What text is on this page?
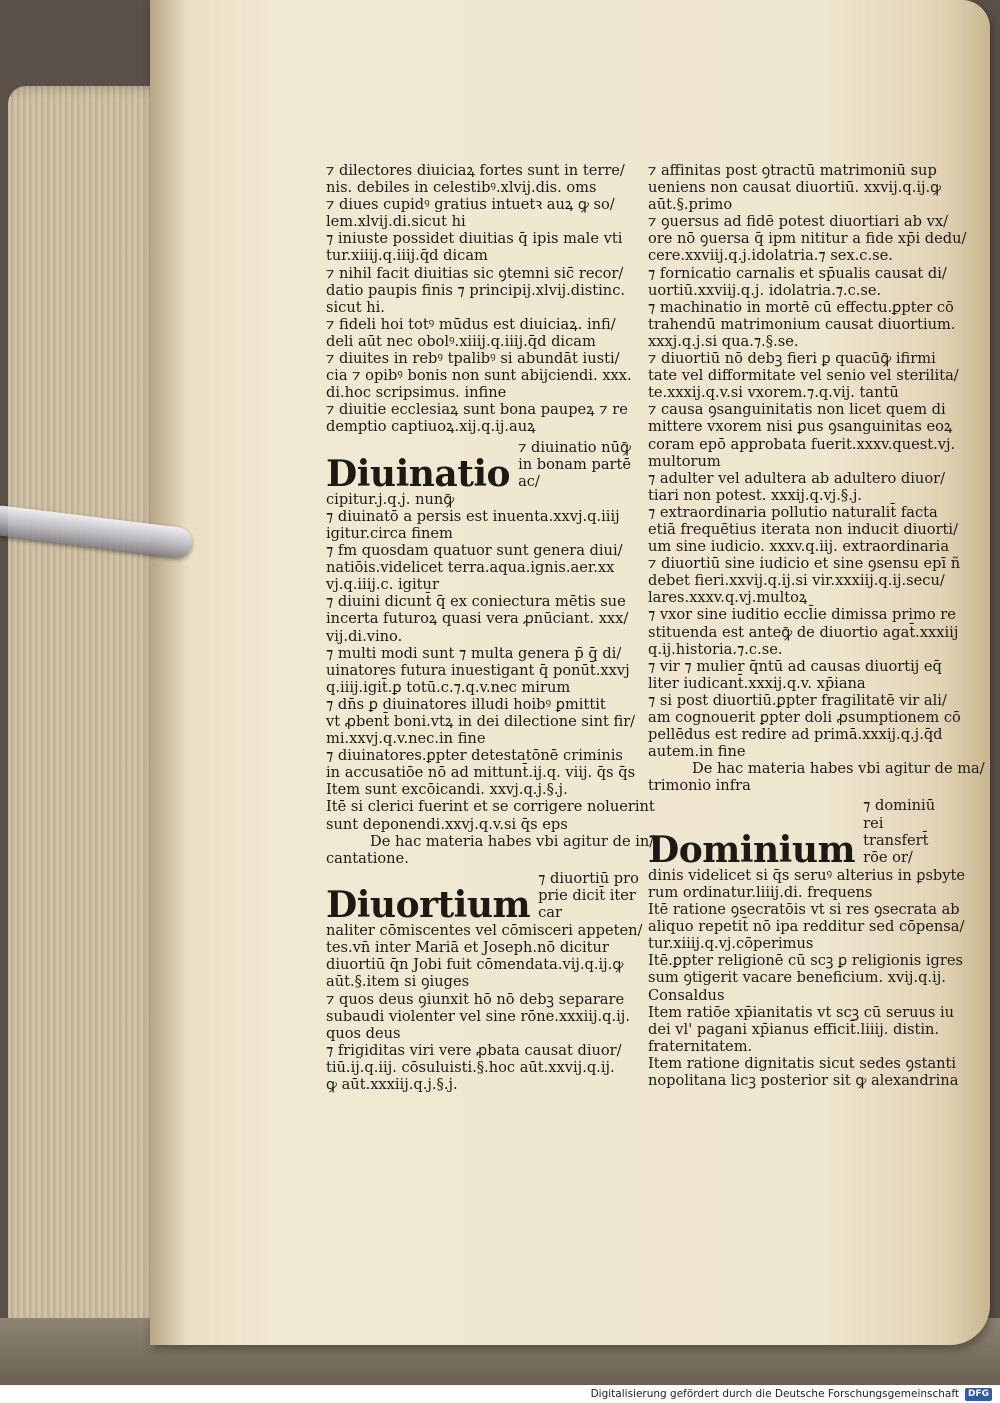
⁊ dilectores diuiciaꝝ fortes sunt in terre/
nis. debiles in celestibꝰ.xlvij.dis. oms
⁊ diues cupidꝰ gratius intuetꝛ auꝝ ꝙ so/
lem.xlvij.di.sicut hi
⁊ iniuste possidet diuitias q̄ ipis male vti
tur.xiiij.q.iiij.q̄d dicam
⁊ nihil facit diuitias sic ꝯtemni sic̄ recor/
datio paupis finis ⁊ principij.xlvij.distinc.
sicut hi.
⁊ fideli hoi totꝰ mūdus est diuiciaꝝ. infi/
deli aūt nec obolꝰ.xiiij.q.iiij.q̄d dicam
⁊ diuites in rebꝰ tpalibꝰ si abundāt iusti/
cia ⁊ opibꝰ bonis non sunt abijciendi. xxx.
di.hoc scripsimus. infine
⁊ diuitie ecclesiaꝝ sunt bona paupeꝝ ⁊ re
demptio captiuoꝝ.xij.q.ij.auꝝ
Diuinatio
⁊ diuinatio nūꝙ̄
in bonam partē ac/
cipitur.j.q.j. nunꝙ̄
⁊ diuinatō a persis est inuenta.xxvj.q.iiij
igitur.circa finem
⁊ fm quosdam quatuor sunt genera diui/
natiōis.videlicet terra.aqua.ignis.aer.xx
vj.q.iiij.c. igitur
⁊ diuini dicunt̄ q̄ ex coniectura mētis sue
incerta futuroꝝ quasi vera ꝓnūciant. xxx/
vij.di.vino.
⁊ multi modi sunt ⁊ multa genera p̄ q̄ di/
uinatores futura inuestigant q̄ ponūt̄.xxvj
q.iiij.igit̄.ꝑ totū.c.⁊.q.v.nec mirum
⁊ dn̄s ꝑ diuinatores illudi hoibꝰ ꝑmittit
vt ꝓbent̄ boni.vtꝝ in dei dilectione sint fir/
mi.xxvj.q.v.nec.in fine
⁊ diuinatores.ꝑpter detestatōnē criminis
in accusatiōe nō ad mittunt̄.ij.q. viij. q̄s q̄s
Item sunt excōicandi. xxvj.q.j.§.j.
Itē si clerici fuerint et se corrigere noluerint
sunt deponendi.xxvj.q.v.si q̄s eps
De hac materia habes vbi agitur de in/
cantatione.
Diuortium
⁊ diuortiū pro
prie dicit̄ iter car
naliter cōmiscentes vel cōmisceri appeten/
tes.vn̄ inter Mariā et Joseph.nō dicitur
diuortiū q̄n Jobi fuit cōmendata.vij.q.ij.ꝙ
aūt.§.item si ꝯiuges
⁊ quos deus ꝯiunxit hō nō debꝫ separare
subaudi violenter vel sine rōne.xxxiij.q.ij.
quos deus
⁊ frigiditas viri vere ꝓbata causat diuor/
tiū.ij.q.iij. cōsuluisti.§.hoc aūt.xxvij.q.ij.
ꝙ aūt.xxxiij.q.j.§.j.
⁊ affinitas post ꝯtractū matrimoniū sup
ueniens non causat diuortiū. xxvij.q.ij.ꝙ
aūt.§.primo
⁊ ꝯuersus ad fidē potest diuortiari ab vx/
ore nō ꝯuersa q̄ ipm nititur a fide xp̄i dedu/
cere.xxviij.q.j.idolatria.⁊ sex.c.se.
⁊ fornicatio carnalis et sp̄ualis causat di/
uortiū.xxviij.q.j. idolatria.⁊.c.se.
⁊ machinatio in mortē cū effectu.ꝑpter cō
trahendū matrimonium causat diuortium.
xxxj.q.j.si qua.⁊.§.se.
⁊ diuortiū nō debꝫ fieri ꝑ quacūꝙ̄ ifirmi
tate vel difformitate vel senio vel sterilita/
te.xxxij.q.v.si vxorem.⁊.q.vij. tantū
⁊ causa ꝯsanguinitatis non licet quem di
mittere vxorem nisi ꝑus ꝯsanguinitas eoꝝ
coram epō approbata fuerit.xxxv.quest.vj.
multorum
⁊ adulter vel adultera ab adultero diuor/
tiari non potest. xxxij.q.vj.§.j.
⁊ extraordinaria pollutio naturalit̄ facta
etiā frequētius iterata non inducit diuorti/
um sine iudicio. xxxv.q.iij. extraordinaria
⁊ diuortiū sine iudicio et sine ꝯsensu epī ñ
debet fieri.xxvij.q.ij.si vir.xxxiij.q.ij.secu/
lares.xxxv.q.vj.multoꝝ
⁊ vxor sine iuditio eccl̄ie dimissa primo re
stituenda est anteꝙ̄ de diuortio agat̄.xxxiij
q.ij.historia.⁊.c.se.
⁊ vir ⁊ mulier q̄ntū ad causas diuortij eq̄
liter iudicant̄.xxxij.q.v. xp̄iana
⁊ si post diuortiū.ꝑpter fragilitatē vir ali/
am cognouerit ꝑpter doli ꝓsumptionem cō
pellēdus est redire ad primā.xxxij.q.j.q̄d
autem.in fine
De hac materia habes vbi agitur de ma/
trimonio infra
Dominium
⁊ dominiū rei
transfert̄ rōe or/
dinis videlicet si q̄s seruꝰ alterius in ꝑsbyte
rum ordinatur.liiij.di. frequens
Itē ratione ꝯsecratōis vt si res ꝯsecrata ab
aliquo repetit̄ nō ipa redditur sed cōpensa/
tur.xiiij.q.vj.cōperimus
Itē.ꝑpter religionē cū scꝫ ꝑ religionis igres
sum ꝯtigerit vacare beneficium. xvij.q.ij.
Consaldus
Item ratiōe xp̄ianitatis vt scꝫ cū seruus iu
dei vl' pagani xp̄ianus efficit̄.liiij. distin.
fraternitatem.
Item ratione dignitatis sicut sedes ꝯstanti
nopolitana licꝫ posterior sit ꝙ alexandrina
Digitalisierung gefördert durch die Deutsche Forschungsgemeinschaft	DFG
